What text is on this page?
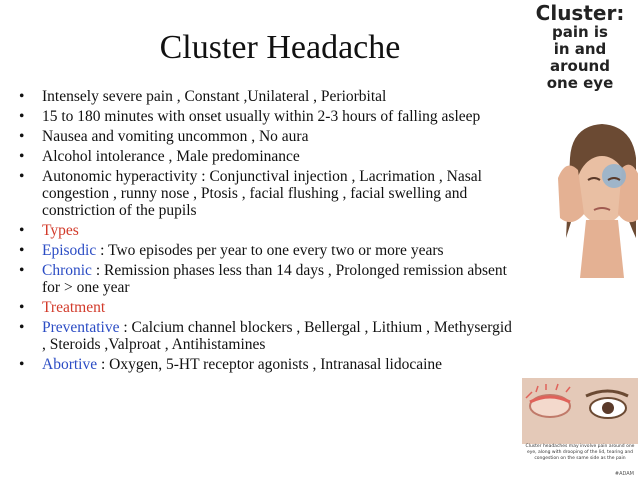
Cluster Headache
• Intensely severe pain , Constant ,Unilateral , Periorbital
• 15 to 180 minutes with onset usually within 2-3 hours of falling asleep
• Nausea and vomiting uncommon , No aura
• Alcohol intolerance , Male predominance
• Autonomic hyperactivity : Conjunctival injection , Lacrimation , Nasal congestion , runny nose , Ptosis , facial flushing , facial swelling and constriction of the pupils
• Types
• Episodic : Two episodes per year to one every two or more years
• Chronic : Remission phases less than 14 days , Prolonged remission absent for > one year
• Treatment
• Preventative : Calcium channel blockers , Bellergal , Lithium , Methysergid , Steroids ,Valproat , Antihistamines
• Abortive : Oxygen, 5-HT receptor agonists , Intranasal lidocaine
Cluster:
pain is
in and
around
one eye
Cluster headaches may involve pain around one eye, along with drooping of the lid, tearing and congestion on the same side as the pain
#ADAM
